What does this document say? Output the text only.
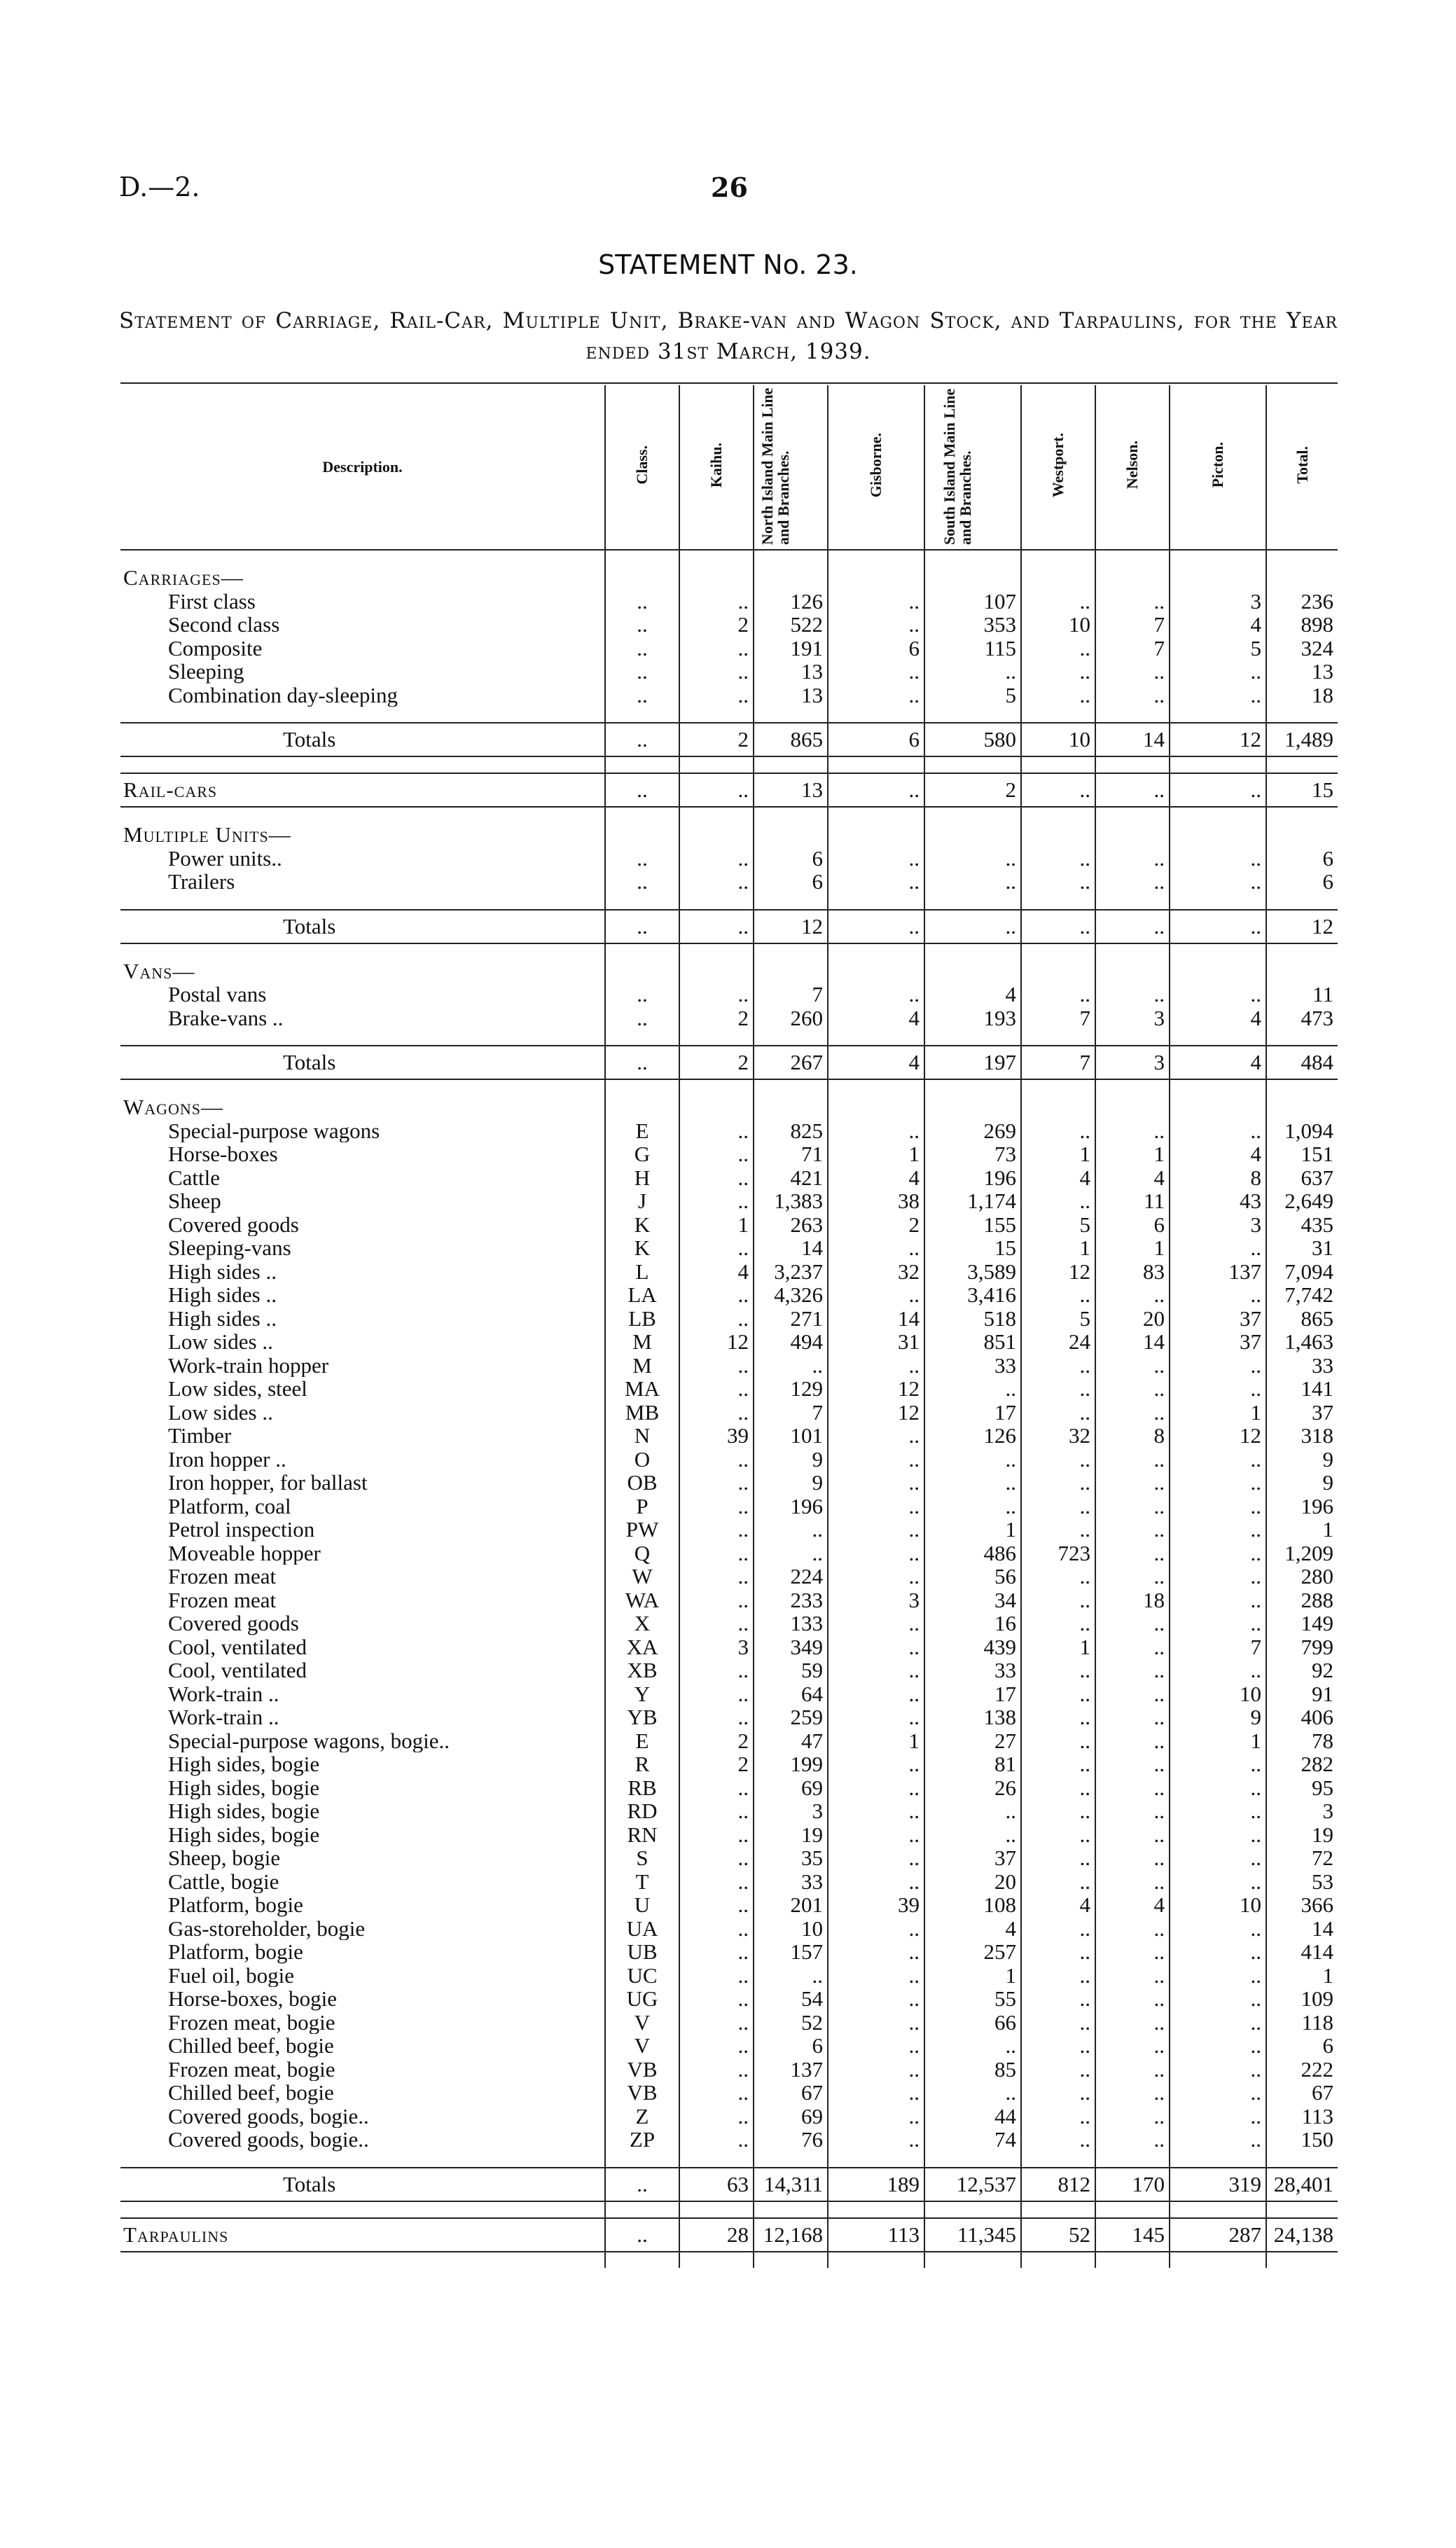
D.—2.	26
STATEMENT No. 23.
Statement of Carriage, Rail-Car, Multiple Unit, Brake-van and Wagon Stock, and Tarpaulins, for the Year ended 31st March, 1939.
Description.	Class.	Kaihu.	North Island Main Line and Branches.	Gisborne.	South Island Main Line and Branches.	Westport.	Nelson.	Picton.	Total.

Carriages—									
First class	..	..	126	..	107	..	..	3	236
Second class	..	2	522	..	353	10	7	4	898
Composite	..	..	191	6	115	..	7	5	324
Sleeping	..	..	13	..	..	..	..	..	13
Combination day-sleeping	..	..	13	..	5	..	..	..	18

Totals	..	2	865	6	580	10	14	12	1,489

Rail-cars	..	..	13	..	2	..	..	..	15

Multiple Units—									
Power units..	..	..	6	..	..	..	..	..	6
Trailers	..	..	6	..	..	..	..	..	6

Totals	..	..	12	..	..	..	..	..	12

Vans—									
Postal vans	..	..	7	..	4	..	..	..	11
Brake-vans ..	..	2	260	4	193	7	3	4	473

Totals	..	2	267	4	197	7	3	4	484

Wagons—									
Special-purpose wagons	E	..	825	..	269	..	..	..	1,094
Horse-boxes	G	..	71	1	73	1	1	4	151
Cattle	H	..	421	4	196	4	4	8	637
Sheep	J	..	1,383	38	1,174	..	11	43	2,649
Covered goods	K	1	263	2	155	5	6	3	435
Sleeping-vans	K	..	14	..	15	1	1	..	31
High sides ..	L	4	3,237	32	3,589	12	83	137	7,094
High sides ..	LA	..	4,326	..	3,416	..	..	..	7,742
High sides ..	LB	..	271	14	518	5	20	37	865
Low sides ..	M	12	494	31	851	24	14	37	1,463
Work-train hopper	M	..	..	..	33	..	..	..	33
Low sides, steel	MA	..	129	12	..	..	..	..	141
Low sides ..	MB	..	7	12	17	..	..	1	37
Timber	N	39	101	..	126	32	8	12	318
Iron hopper ..	O	..	9	..	..	..	..	..	9
Iron hopper, for ballast	OB	..	9	..	..	..	..	..	9
Platform, coal	P	..	196	..	..	..	..	..	196
Petrol inspection	PW	..	..	..	1	..	..	..	1
Moveable hopper	Q	..	..	..	486	723	..	..	1,209
Frozen meat	W	..	224	..	56	..	..	..	280
Frozen meat	WA	..	233	3	34	..	18	..	288
Covered goods	X	..	133	..	16	..	..	..	149
Cool, ventilated	XA	3	349	..	439	1	..	7	799
Cool, ventilated	XB	..	59	..	33	..	..	..	92
Work-train ..	Y	..	64	..	17	..	..	10	91
Work-train ..	YB	..	259	..	138	..	..	9	406
Special-purpose wagons, bogie..	E	2	47	1	27	..	..	1	78
High sides, bogie	R	2	199	..	81	..	..	..	282
High sides, bogie	RB	..	69	..	26	..	..	..	95
High sides, bogie	RD	..	3	..	..	..	..	..	3
High sides, bogie	RN	..	19	..	..	..	..	..	19
Sheep, bogie	S	..	35	..	37	..	..	..	72
Cattle, bogie	T	..	33	..	20	..	..	..	53
Platform, bogie	U	..	201	39	108	4	4	10	366
Gas-storeholder, bogie	UA	..	10	..	4	..	..	..	14
Platform, bogie	UB	..	157	..	257	..	..	..	414
Fuel oil, bogie	UC	..	..	..	1	..	..	..	1
Horse-boxes, bogie	UG	..	54	..	55	..	..	..	109
Frozen meat, bogie	V	..	52	..	66	..	..	..	118
Chilled beef, bogie	V	..	6	..	..	..	..	..	6
Frozen meat, bogie	VB	..	137	..	85	..	..	..	222
Chilled beef, bogie	VB	..	67	..	..	..	..	..	67
Covered goods, bogie..	Z	..	69	..	44	..	..	..	113
Covered goods, bogie..	ZP	..	76	..	74	..	..	..	150

Totals	..	63	14,311	189	12,537	812	170	319	28,401

Tarpaulins	..	28	12,168	113	11,345	52	145	287	24,138
